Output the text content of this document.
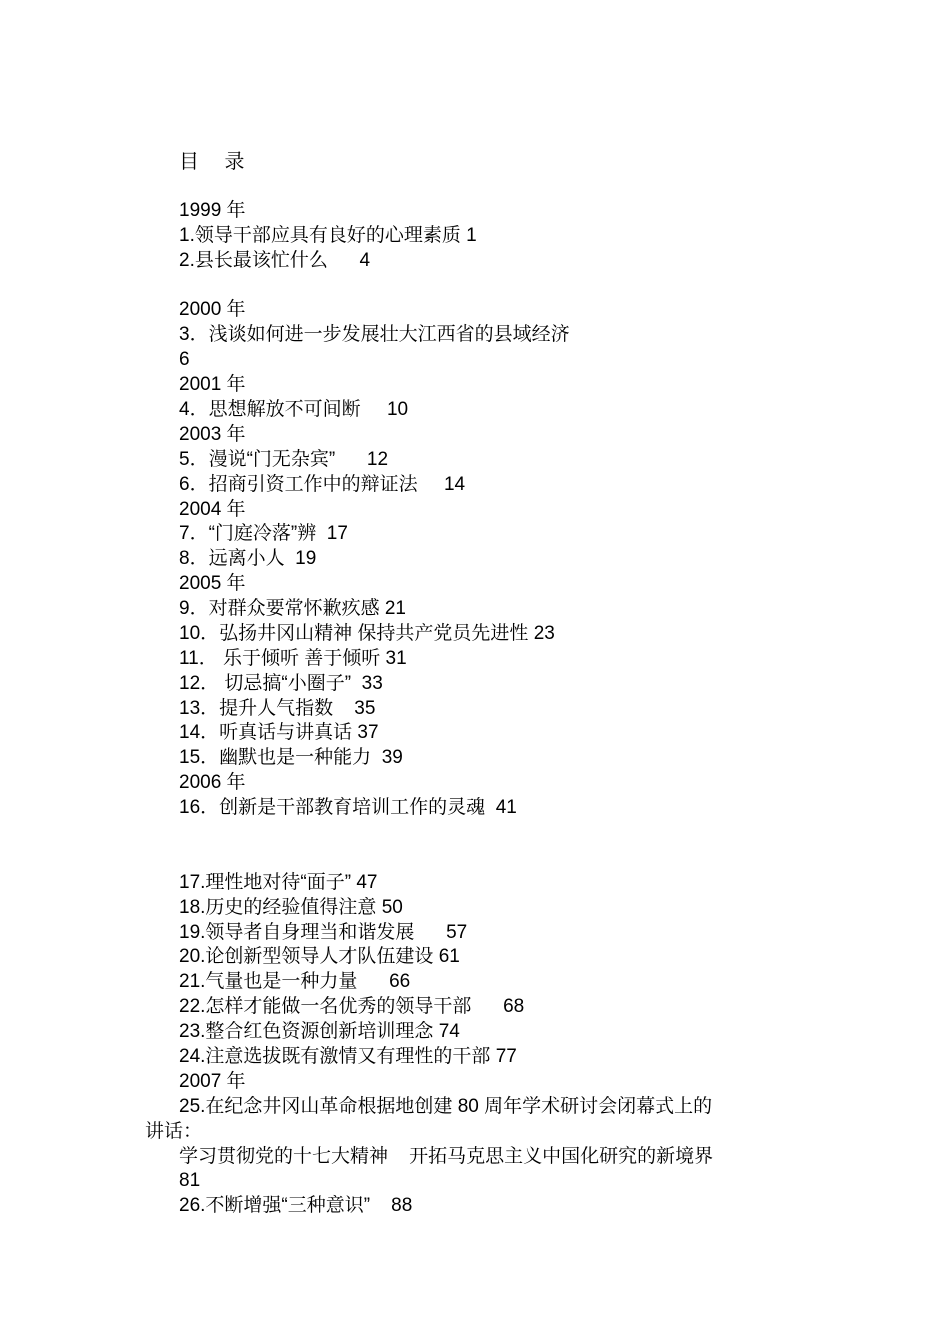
目 录
1999 年
1.领导干部应具有良好的心理素质 1
2.县长最该忙什么      4
2000 年
3．浅谈如何进一步发展壮大江西省的县域经济
6
2001 年
4．思想解放不可间断     10
2003 年
5．漫说“门无杂宾”      12
6．招商引资工作中的辩证法     14
2004 年
7．“门庭冷落”辨  17
8．远离小人  19
2005 年
9．对群众要常怀歉疚感 21
10．弘扬井冈山精神 保持共产党员先进性 23
11． 乐于倾听 善于倾听 31
12． 切忌搞“小圈子”  33
13．提升人气指数    35
14．听真话与讲真话 37
15．幽默也是一种能力  39
2006 年
16．创新是干部教育培训工作的灵魂  41
17.理性地对待“面子” 47
18.历史的经验值得注意 50
19.领导者自身理当和谐发展      57
20.论创新型领导人才队伍建设 61
21.气量也是一种力量      66
22.怎样才能做一名优秀的领导干部      68
23.整合红色资源创新培训理念 74
24.注意选拔既有激情又有理性的干部 77
2007 年
25.在纪念井冈山革命根据地创建 80 周年学术研讨会闭幕式上的
讲话：
学习贯彻党的十七大精神    开拓马克思主义中国化研究的新境界
81
26.不断增强“三种意识”    88
